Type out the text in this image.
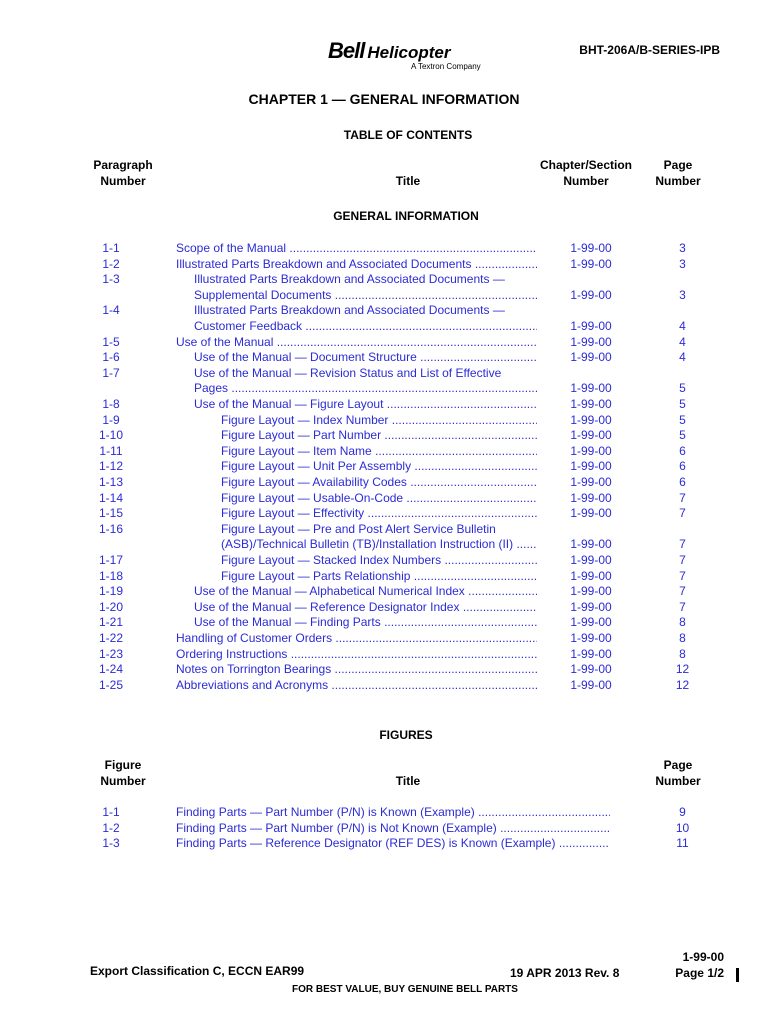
Bell Helicopter
A Textron Company
BHT-206A/B-SERIES-IPB
CHAPTER 1 — GENERAL INFORMATION
TABLE OF CONTENTS
Paragraph
Number	Title
Chapter/Section
Number
Page
Number
GENERAL INFORMATION
1-1	Scope of the Manual .....	1-99-00	3
1-2	Illustrated Parts Breakdown and Associated Documents .....	1-99-00	3
1-3	Illustrated Parts Breakdown and Associated Documents —
Supplemental Documents .....	1-99-00	3
1-4	Illustrated Parts Breakdown and Associated Documents —
Customer Feedback .....	1-99-00	4
1-5	Use of the Manual .....	1-99-00	4
1-6	Use of the Manual — Document Structure .....	1-99-00	4
1-7	Use of the Manual — Revision Status and List of Effective
Pages .....	1-99-00	5
1-8	Use of the Manual — Figure Layout .....	1-99-00	5
1-9	Figure Layout — Index Number .....	1-99-00	5
1-10	Figure Layout — Part Number .....	1-99-00	5
1-11	Figure Layout — Item Name .....	1-99-00	6
1-12	Figure Layout — Unit Per Assembly .....	1-99-00	6
1-13	Figure Layout — Availability Codes .....	1-99-00	6
1-14	Figure Layout — Usable-On-Code .....	1-99-00	7
1-15	Figure Layout — Effectivity .....	1-99-00	7
1-16	Figure Layout — Pre and Post Alert Service Bulletin
(ASB)/Technical Bulletin (TB)/Installation Instruction (II) .....	1-99-00	7
1-17	Figure Layout — Stacked Index Numbers .....	1-99-00	7
1-18	Figure Layout — Parts Relationship .....	1-99-00	7
1-19	Use of the Manual — Alphabetical Numerical Index .....	1-99-00	7
1-20	Use of the Manual — Reference Designator Index .....	1-99-00	7
1-21	Use of the Manual — Finding Parts .....	1-99-00	8
1-22	Handling of Customer Orders .....	1-99-00	8
1-23	Ordering Instructions .....	1-99-00	8
1-24	Notes on Torrington Bearings .....	1-99-00	12
1-25	Abbreviations and Acronyms .....	1-99-00	12
FIGURES
Figure
Number	Title
Page
Number
1-1	Finding Parts — Part Number (P/N) is Known (Example) .....	9
1-2	Finding Parts — Part Number (P/N) is Not Known (Example) .....	10
1-3	Finding Parts — Reference Designator (REF DES) is Known (Example) .....	11
Export Classification C, ECCN EAR99	19 APR 2013 Rev. 8
1-99-00
Page 1/2
FOR BEST VALUE, BUY GENUINE BELL PARTS
